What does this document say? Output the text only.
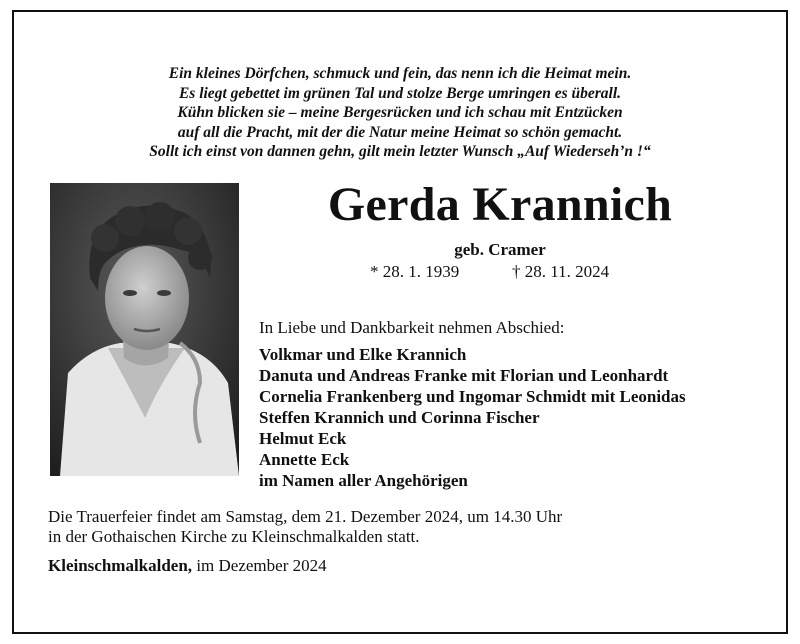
Ein kleines Dörfchen, schmuck und fein, das nenn ich die Heimat mein.
Es liegt gebettet im grünen Tal und stolze Berge umringen es überall.
Kühn blicken sie – meine Bergesrücken und ich schau mit Entzücken
auf all die Pracht, mit der die Natur meine Heimat so schön gemacht.
Sollt ich einst von dannen gehn, gilt mein letzter Wunsch „Auf Wiederseh’n !“
Gerda Krannich
geb. Cramer
* 28. 1. 1939	† 28. 11. 2024
In Liebe und Dankbarkeit nehmen Abschied:
Volkmar und Elke Krannich
Danuta und Andreas Franke mit Florian und Leonhardt
Cornelia Frankenberg und Ingomar Schmidt mit Leonidas
Steffen Krannich und Corinna Fischer
Helmut Eck
Annette Eck
im Namen aller Angehörigen
Die Trauerfeier findet am Samstag, dem 21. Dezember 2024, um 14.30 Uhr
in der Gothaischen Kirche zu Kleinschmalkalden statt.
Kleinschmalkalden, im Dezember 2024
